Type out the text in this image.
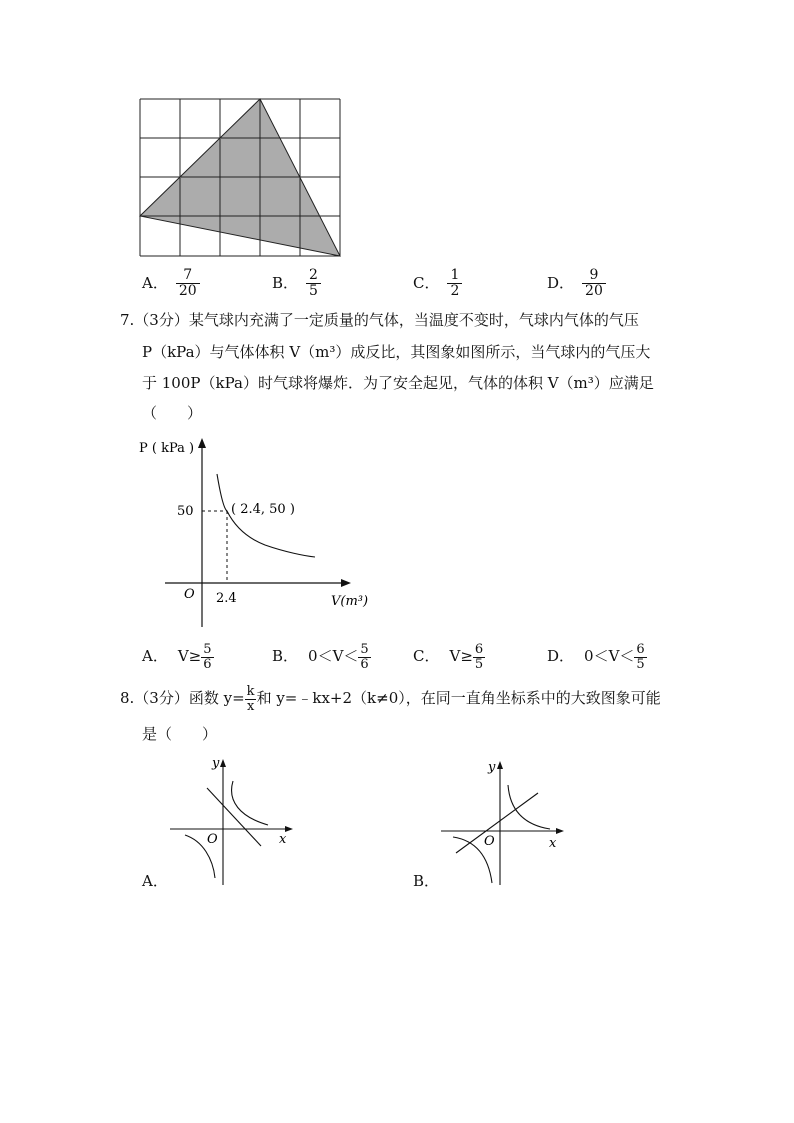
A． $\frac{7}{20}$	B． $\frac{2}{5}$	C． $\frac{1}{2}$	D． $\frac{9}{20}$
7.（3分）某气球内充满了一定质量的气体，当温度不变时，气球内气体的气压
P（kPa）与气体体积 V（m³）成反比，其图象如图所示，当气球内的气压大
于 100P（kPa）时气球将爆炸．为了安全起见，气体的体积 V（m³）应满足
（　　）
P ( kPa )
50	( 2.4, 50 )
O 2.4	V(m³)
A． $V\ge \frac{5}{6}$	B． $0<V< \frac{5}{6}$	C． $V\ge \frac{6}{5}$	D． $0<V< \frac{6}{5}$
8.（3分）函数 $y= \frac{k}{x}$ 和 y=﹣kx+2（k≠0），在同一直角坐标系中的大致图象可能
是（　　）
y
x
O
A．
y
x
O
B．
